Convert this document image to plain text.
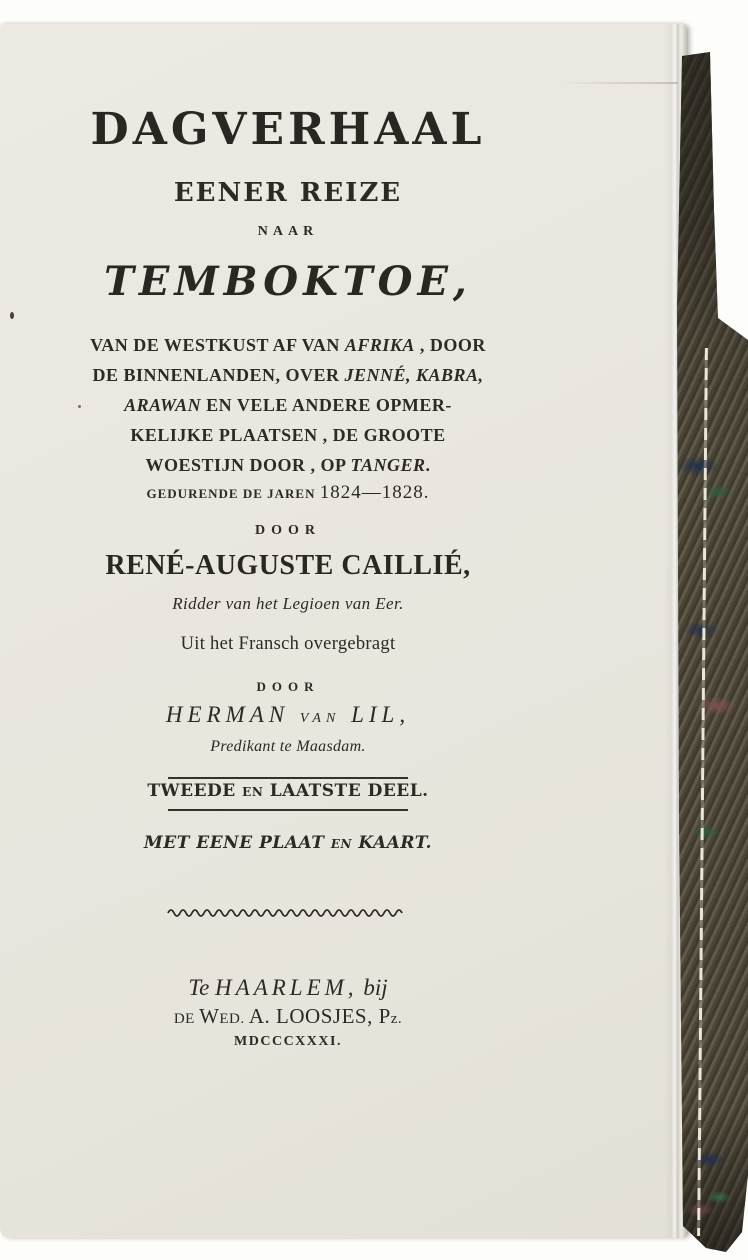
DAGVERHAAL
EENER REIZE
NAAR
TEMBOKTOE,
VAN DE WESTKUST AF VAN AFRIKA , DOOR
DE BINNENLANDEN, OVER JENNÉ, KABRA,
ARAWAN EN VELE ANDERE OPMER-
KELIJKE PLAATSEN , DE GROOTE
WOESTIJN DOOR , OP TANGER.
GEDURENDE DE JAREN 1824—1828.
DOOR
RENÉ-AUGUSTE CAILLIÉ,
Ridder van het Legioen van Eer.
Uit het Fransch overgebragt
DOOR
HERMAN VAN LIL,
Predikant te Maasdam.
TWEEDE EN LAATSTE DEEL.
MET EENE PLAAT EN KAART.
Te HAARLEM, bij
DE WED. A. LOOSJES, Pz.
MDCCCXXXI.
